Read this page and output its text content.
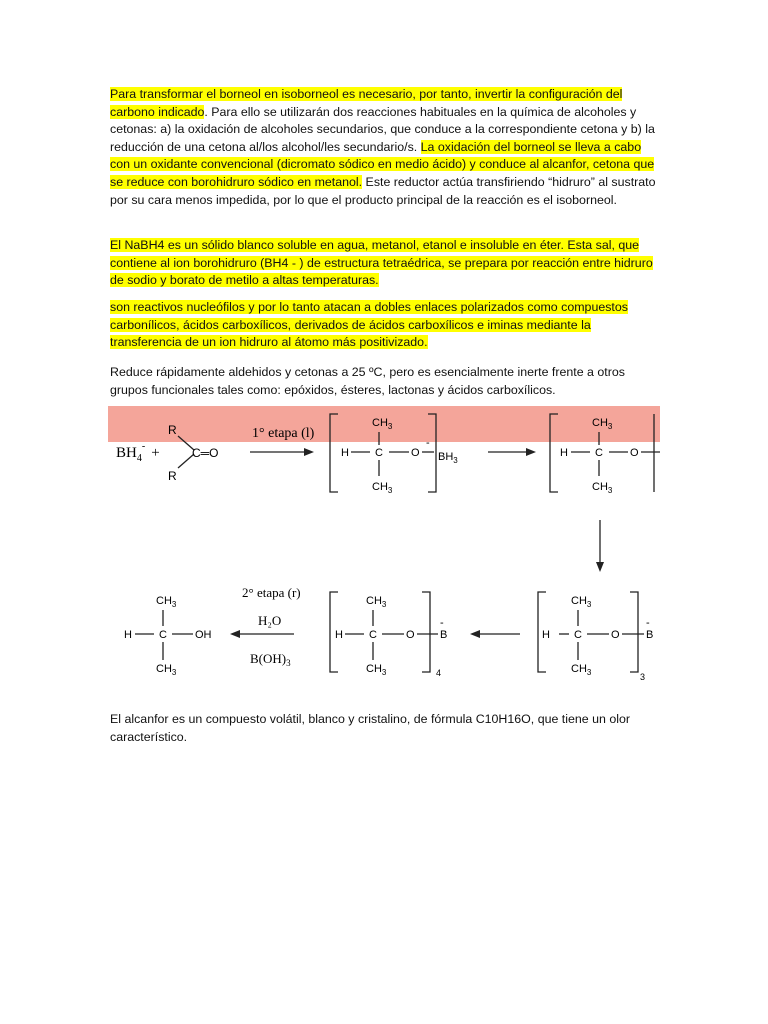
Para transformar el borneol en isoborneol es necesario, por tanto, invertir la configuración del carbono indicado. Para ello se utilizarán dos reacciones habituales en la química de alcoholes y cetonas: a) la oxidación de alcoholes secundarios, que conduce a la correspondiente cetona y b) la reducción de una cetona al/los alcohol/les secundario/s. La oxidación del borneol se lleva a cabo con un oxidante convencional (dicromato sódico en medio ácido) y conduce al alcanfor, cetona que se reduce con borohidruro sódico en metanol. Este reductor actúa transfiriendo “hidruro” al sustrato por su cara menos impedida, por lo que el producto principal de la reacción es el isoborneol.

El NaBH4 es un sólido blanco soluble en agua, metanol, etanol e insoluble en éter. Esta sal, que contiene al ion borohidruro (BH4 - ) de estructura tetraédrica, se prepara por reacción entre hidruro de sodio y borato de metilo a altas temperaturas.

son reactivos nucleófilos y por lo tanto atacan a dobles enlaces polarizados como compuestos carbonílicos, ácidos carboxílicos, derivados de ácidos carboxílicos e iminas mediante la transferencia de un ion hidruro al átomo más positivizado.

Reduce rápidamente aldehidos y cetonas a 25 ºC, pero es esencialmente inerte frente a otros grupos funcionales tales como: epóxidos, ésteres, lactonas y ácidos carboxílicos.

$BH_4^-$ +
R
R
C═O
1° etapa (l)
$CH_3$
H C	O
-
$BH_3$
$CH_3$
$CH_3$
H C O
$CH_3$
$CH_3$
H C	O
-
B
$CH_3$	3
$CH_3$
H C	O
-
B
$CH_3$	4
2° etapa (r)
H₂O
$B(OH)_3$
$CH_3$
H C	OH
$CH_3$

El alcanfor es un compuesto volátil, blanco y cristalino, de fórmula C10H16O, que tiene un olor característico.
